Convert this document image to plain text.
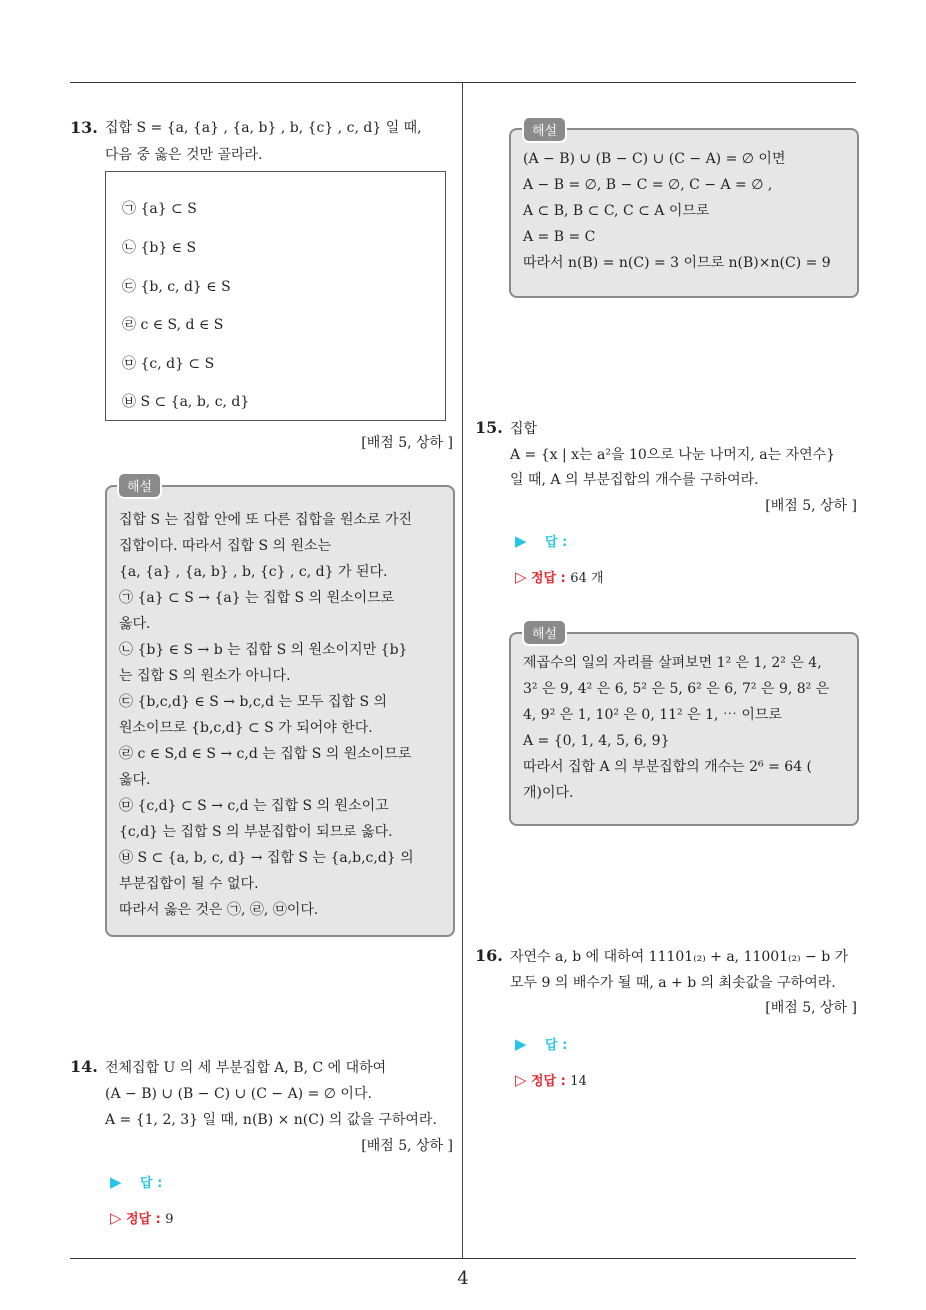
13. 집합 S = {a, {a} , {a, b} , b, {c} , c, d} 일 때,
다음 중 옳은 것만 골라라.
㉠ {a} ⊂ S
㉡ {b} ∈ S
㉢ {b, c, d} ∈ S
㉣ c ∈ S, d ∈ S
㉤ {c, d} ⊂ S
㉥ S ⊂ {a, b, c, d}
[배점 5, 상하 ]
집합 S 는 집합 안에 또 다른 집합을 원소로 가진
집합이다. 따라서 집합 S 의 원소는
{a, {a} , {a, b} , b, {c} , c, d} 가 된다.
㉠ {a} ⊂ S → {a} 는 집합 S 의 원소이므로
옳다.
㉡ {b} ∈ S → b 는 집합 S 의 원소이지만 {b}
는 집합 S 의 원소가 아니다.
㉢ {b,c,d} ∈ S → b,c,d 는 모두 집합 S 의
원소이므로 {b,c,d} ⊂ S 가 되어야 한다.
㉣ c ∈ S,d ∈ S → c,d 는 집합 S 의 원소이므로
옳다.
㉤ {c,d} ⊂ S → c,d 는 집합 S 의 원소이고
{c,d} 는 집합 S 의 부분집합이 되므로 옳다.
㉥ S ⊂ {a, b, c, d} → 집합 S 는 {a,b,c,d} 의
부분집합이 될 수 없다.
따라서 옳은 것은 ㉠, ㉣, ㉤이다.
해설
14. 전체집합 U 의 세 부분집합 A, B, C 에 대하여
(A − B) ∪ (B − C) ∪ (C − A) = ∅ 이다.
A = {1, 2, 3} 일 때, n(B) × n(C) 의 값을 구하여라.
[배점 5, 상하 ]
▶ 답 :
▷ 정답 : 9
(A − B) ∪ (B − C) ∪ (C − A) = ∅ 이면
A − B = ∅, B − C = ∅, C − A = ∅ ,
A ⊂ B, B ⊂ C, C ⊂ A 이므로
A = B = C
따라서 n(B) = n(C) = 3 이므로 n(B)×n(C) = 9
해설
15. 집합
A = {x | x는 a²을 10으로 나눈 나머지, a는 자연수}
일 때, A 의 부분집합의 개수를 구하여라.
[배점 5, 상하 ]
▶ 답 :
▷ 정답 : 64 개
제곱수의 일의 자리를 살펴보면 1² 은 1, 2² 은 4,
3² 은 9, 4² 은 6, 5² 은 5, 6² 은 6, 7² 은 9, 8² 은
4, 9² 은 1, 10² 은 0, 11² 은 1, ⋯ 이므로
A = {0, 1, 4, 5, 6, 9}
따라서 집합 A 의 부분집합의 개수는 2⁶ = 64 (
개)이다.
해설
16. 자연수 a, b 에 대하여 11101₍₂₎ + a, 11001₍₂₎ − b 가
모두 9 의 배수가 될 때, a + b 의 최솟값을 구하여라.
[배점 5, 상하 ]
▶ 답 :
▷ 정답 : 14
4
